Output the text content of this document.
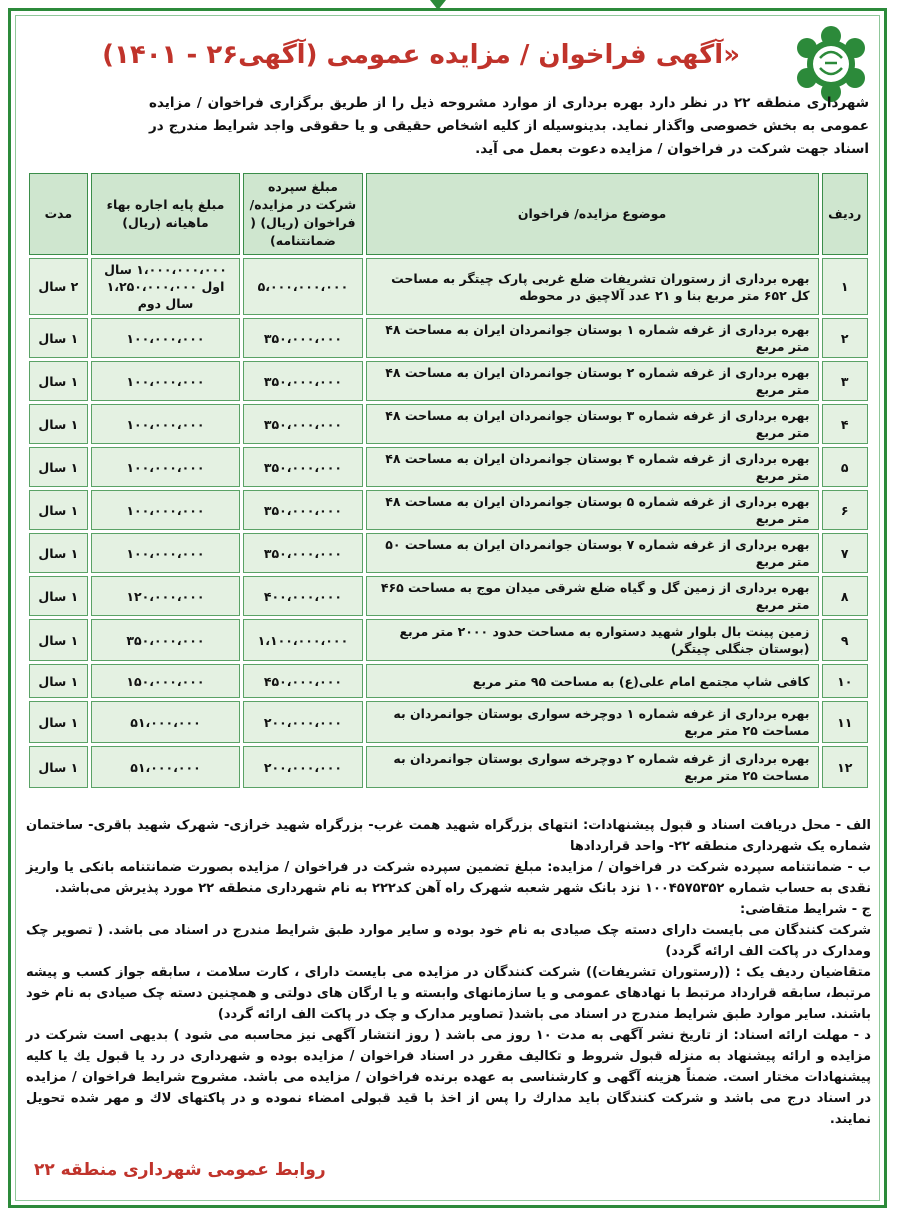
«آگهی فراخوان / مزایده عمومی (آگهی۲۶ - ۱۴۰۱)
شهرداری منطقه ۲۲ در نظر دارد بهره برداری از موارد مشروحه ذیل را از طریق برگزاری فراخوان / مزایده عمومی به بخش خصوصی واگذار نماید. بدینوسیله از کلیه اشخاص حقیقی و یا حقوقی واجد شرایط مندرج در اسناد جهت شرکت در فراخوان / مزایده دعوت بعمل می آید.
ردیف	موضوع مزایده/ فراخوان	مبلغ سپرده شرکت در مزایده/فراخوان (ریال) ( ضمانتنامه)	مبلغ پایه اجاره بهاء ماهیانه (ریال)	مدت
۱	بهره برداری از رستوران تشریفات ضلع غربی پارک چیتگر به مساحت کل ۶۵۲ متر مربع بنا و ۲۱ عدد آلاچیق در محوطه	۵،۰۰۰،۰۰۰،۰۰۰	۱،۰۰۰،۰۰۰،۰۰۰ سال اول ۱،۲۵۰،۰۰۰،۰۰۰ سال دوم	۲ سال
۲	بهره برداری از غرفه شماره ۱ بوستان جوانمردان ایران به مساحت ۴۸ متر مربع	۳۵۰،۰۰۰،۰۰۰	۱۰۰،۰۰۰،۰۰۰	۱ سال
۳	بهره برداری از غرفه شماره ۲ بوستان جوانمردان ایران به مساحت ۴۸ متر مربع	۳۵۰،۰۰۰،۰۰۰	۱۰۰،۰۰۰،۰۰۰	۱ سال
۴	بهره برداری از غرفه شماره ۳ بوستان جوانمردان ایران به مساحت ۴۸ متر مربع	۳۵۰،۰۰۰،۰۰۰	۱۰۰،۰۰۰،۰۰۰	۱ سال
۵	بهره برداری از غرفه شماره ۴ بوستان جوانمردان ایران به مساحت ۴۸ متر مربع	۳۵۰،۰۰۰،۰۰۰	۱۰۰،۰۰۰،۰۰۰	۱ سال
۶	بهره برداری از غرفه شماره ۵ بوستان جوانمردان ایران به مساحت ۴۸ متر مربع	۳۵۰،۰۰۰،۰۰۰	۱۰۰،۰۰۰،۰۰۰	۱ سال
۷	بهره برداری از غرفه شماره ۷ بوستان جوانمردان ایران به مساحت ۵۰ متر مربع	۳۵۰،۰۰۰،۰۰۰	۱۰۰،۰۰۰،۰۰۰	۱ سال
۸	بهره برداری از زمین گل و گیاه ضلع شرقی میدان موج به مساحت ۴۶۵ متر مربع	۴۰۰،۰۰۰،۰۰۰	۱۲۰،۰۰۰،۰۰۰	۱ سال
۹	زمین پینت بال بلوار شهید دستواره به مساحت حدود ۲۰۰۰ متر مربع (بوستان جنگلی چیتگر)	۱،۱۰۰،۰۰۰،۰۰۰	۳۵۰،۰۰۰،۰۰۰	۱ سال
۱۰	کافی شاپ مجتمع امام علی(ع) به مساحت ۹۵ متر مربع	۴۵۰،۰۰۰،۰۰۰	۱۵۰،۰۰۰،۰۰۰	۱ سال
۱۱	بهره برداری از غرفه شماره ۱ دوچرخه سواری بوستان جوانمردان به مساحت ۲۵ متر مربع	۲۰۰،۰۰۰،۰۰۰	۵۱،۰۰۰،۰۰۰	۱ سال
۱۲	بهره برداری از غرفه شماره ۲ دوچرخه سواری بوستان جوانمردان به مساحت ۲۵ متر مربع	۲۰۰،۰۰۰،۰۰۰	۵۱،۰۰۰،۰۰۰	۱ سال

الف - محل دریافت اسناد و قبول پیشنهادات: انتهای بزرگراه شهید همت غرب- بزرگراه شهید خرازی- شهرک شهید باقری- ساختمان شماره یک شهرداری منطقه ۲۲- واحد قراردادها

ب - ضمانتنامه سپرده شرکت در فراخوان / مزایده: مبلغ تضمین سپرده شرکت در فراخوان / مزایده بصورت ضمانتنامه بانکی یا واریز نقدی به حساب شماره ۱۰۰۴۵۷۵۳۵۲ نزد بانک شهر شعبه شهرک راه آهن کد۲۲۲ به نام شهرداری منطقه ۲۲ مورد پذیرش می‌باشد.

ج - شرایط متقاضی:

شرکت کنندگان می بایست دارای دسته چک صیادی به نام خود بوده و سایر موارد طبق شرایط مندرج در اسناد می باشد. ( تصویر چک ومدارک در پاکت الف ارائه گردد)

متقاضیان ردیف یک : ((رستوران تشریفات)) شرکت کنندگان در مزایده می بایست دارای ، کارت سلامت ، سابقه جواز کسب و پیشه مرتبط، سابقه قرارداد مرتبط با نهادهای عمومی و یا سازمانهای وابسته و یا ارگان های دولتی و همچنین دسته چک صیادی به نام خود باشند. سایر موارد طبق شرایط مندرج در اسناد می باشد( تصاویر مدارک و چک در پاکت الف ارائه گردد)

د - مهلت ارائه اسناد: از تاریخ نشر آگهی به مدت ۱۰ روز می باشد ( روز انتشار آگهی نیز محاسبه می شود ) بدیهی است شرکت در مزایده و ارائه پیشنهاد به منزله قبول شروط و تکالیف مقرر در اسناد فراخوان / مزایده بوده و شهرداری در رد یا قبول یك یا کلیه پیشنهادات مختار است. ضمناً هزینه آگهی و کارشناسی به عهده برنده فراخوان / مزایده می باشد. مشروح شرایط فراخوان / مزایده در اسناد درج می باشد و شرکت کنندگان باید مدارك را پس از اخذ با قید قبولی امضاء نموده و در پاکتهای لاك و مهر شده تحویل نمایند.

روابط عمومی شهرداری منطقه ۲۲
